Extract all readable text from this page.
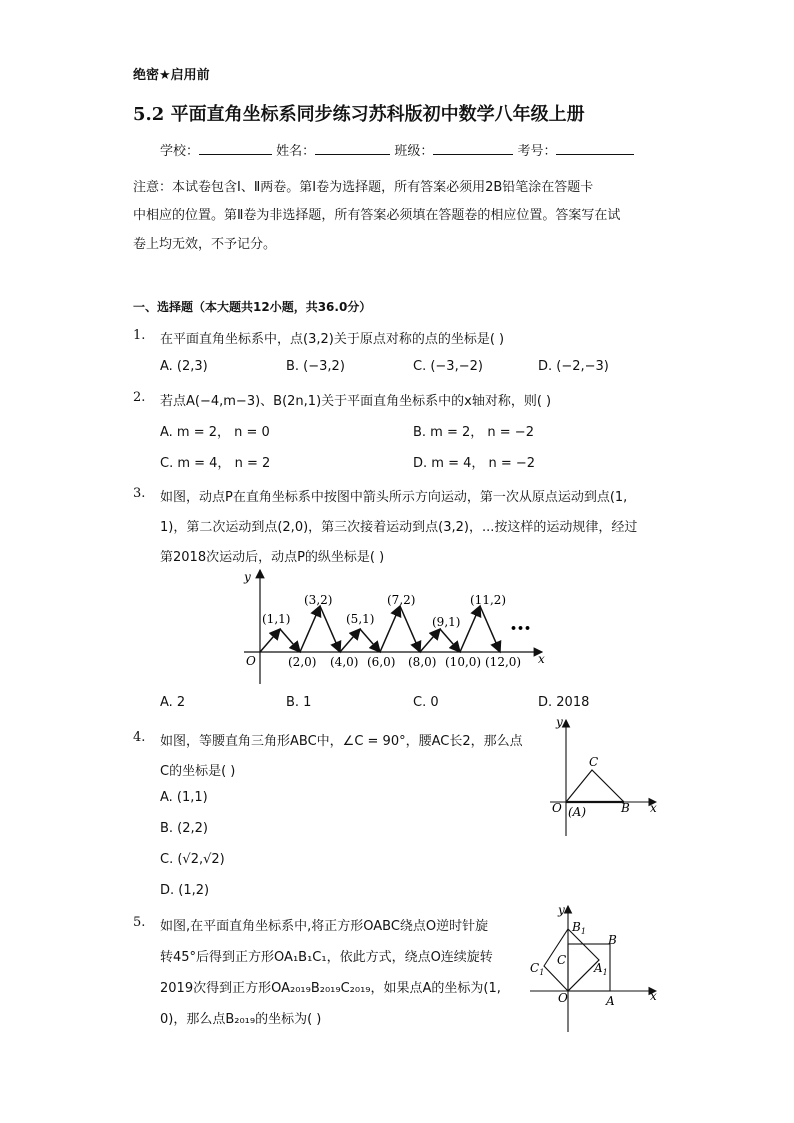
绝密★启用前
5.2 平面直角坐标系同步练习苏科版初中数学八年级上册
学校：	姓名：	班级：	考号：
注意：本试卷包含Ⅰ、Ⅱ两卷。第Ⅰ卷为选择题，所有答案必须用2B铅笔涂在答题卡
中相应的位置。第Ⅱ卷为非选择题，所有答案必须填在答题卷的相应位置。答案写在试
卷上均无效，不予记分。
一、选择题（本大题共12小题，共36.0分）
1. 在平面直角坐标系中，点(3,2)关于原点对称的点的坐标是( )
A. (2,3)	B. (−3,2)	C. (−3,−2)	D. (−2,−3)
2. 若点A(−4,m−3)、B(2n,1)关于平面直角坐标系中的x轴对称，则( )
A. m = 2， n = 0	B. m = 2， n = −2
C. m = 4， n = 2	D. m = 4， n = −2
3. 如图，动点P在直角坐标系中按图中箭头所示方向运动，第一次从原点运动到点(1,
1)，第二次运动到点(2,0)，第三次接着运动到点(3,2)，...按这样的运动规律，经过
第2018次运动后，动点P的纵坐标是( )
y
x
O
(1,1)
(3,2)
(5,1)
(7,2)
(9,1)
(11,2)
(2,0) (4,0) (6,0) (8,0) (10,0) (12,0)
•••
A. 2	B. 1	C. 0	D. 2018
4. 如图，等腰直角三角形ABC中，∠C = 90°，腰AC长2，那么点
C的坐标是( )
A. (1,1)
B. (2,2)
C. (√2,√2)
D. (1,2)
y
x
O (A)	B
C
5. 如图,在平面直角坐标系中,将正方形OABC绕点O逆时针旋
转45°后得到正方形OA₁B₁C₁，依此方式，绕点O连续旋转
2019次得到正方形OA₂₀₁₉B₂₀₁₉C₂₀₁₉，如果点A的坐标为(1,
0)，那么点B₂₀₁₉的坐标为( )
y
x
O	A
B
C
$A_1$
$B_1$
$C_1$
